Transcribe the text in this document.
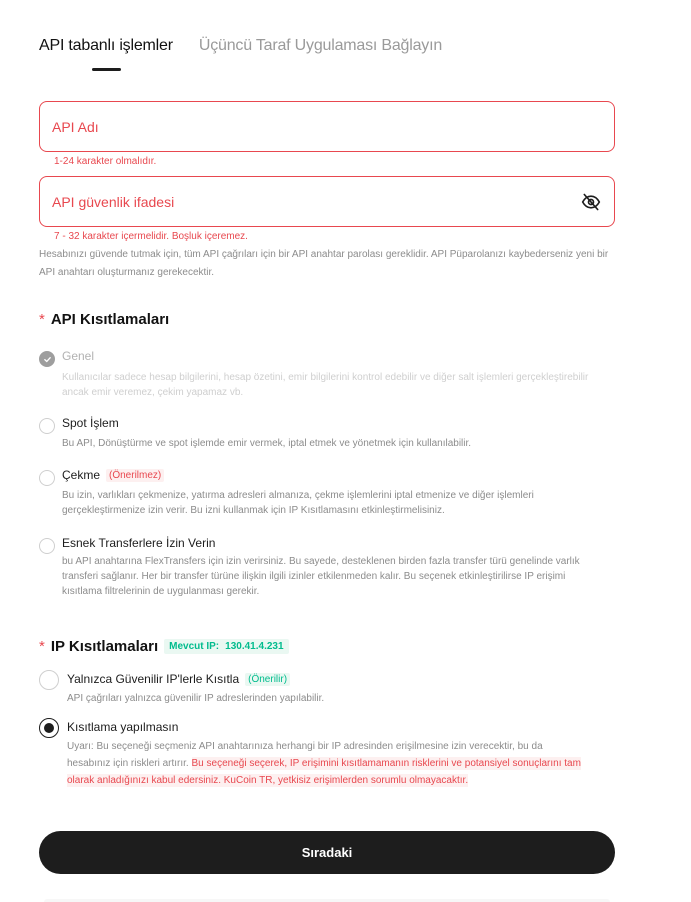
API tabanlı işlemler Üçüncü Taraf Uygulaması Bağlayın
API Adı
1-24 karakter olmalıdır.
7 - 32 karakter içermelidir. Boşluk içeremez.
Hesabınızı güvende tutmak için, tüm API çağrıları için bir API anahtar parolası gereklidir. API Püparolanızı kaybederseniz yeni bir API anahtarı oluşturmanız gerekecektir.
* API Kısıtlamaları
Genel
Kullanıcılar sadece hesap bilgilerini, hesap özetini, emir bilgilerini kontrol edebilir ve diğer salt işlemleri gerçekleştirebilir ancak emir veremez, çekim yapamaz vb.
Spot İşlem
Bu API, Dönüştürme ve spot işlemde emir vermek, iptal etmek ve yönetmek için kullanılabilir.
Çekme (Önerilmez)
Bu izin, varlıkları çekmenize, yatırma adresleri almanıza, çekme işlemlerini iptal etmenize ve diğer işlemleri gerçekleştirmenize izin verir. Bu izni kullanmak için IP Kısıtlamasını etkinleştirmelisiniz.
Esnek Transferlere İzin Verin
bu API anahtarına FlexTransfers için izin verirsiniz. Bu sayede, desteklenen birden fazla transfer türü genelinde varlık transferi sağlanır. Her bir transfer türüne ilişkin ilgili izinler etkilenmeden kalır. Bu seçenek etkinleştirilirse IP erişimi kısıtlama filtrelerinin de uygulanması gerekir.
* IP Kısıtlamaları	Mevcut IP: 130.41.4.231
Yalnızca Güvenilir IP'lerle Kısıtla (Önerilir)
API çağrıları yalnızca güvenilir IP adreslerinden yapılabilir.
Kısıtlama yapılmasın
Uyarı: Bu seçeneği seçmeniz API anahtarınıza herhangi bir IP adresinden erişilmesine izin verecektir, bu da hesabınız için riskleri artırır. Bu seçeneği seçerek, IP erişimini kısıtlamamanın risklerini ve potansiyel sonuçlarını tam olarak anladığınızı kabul edersiniz. KuCoin TR, yetkisiz erişimlerden sorumlu olmayacaktır.
Sıradaki
